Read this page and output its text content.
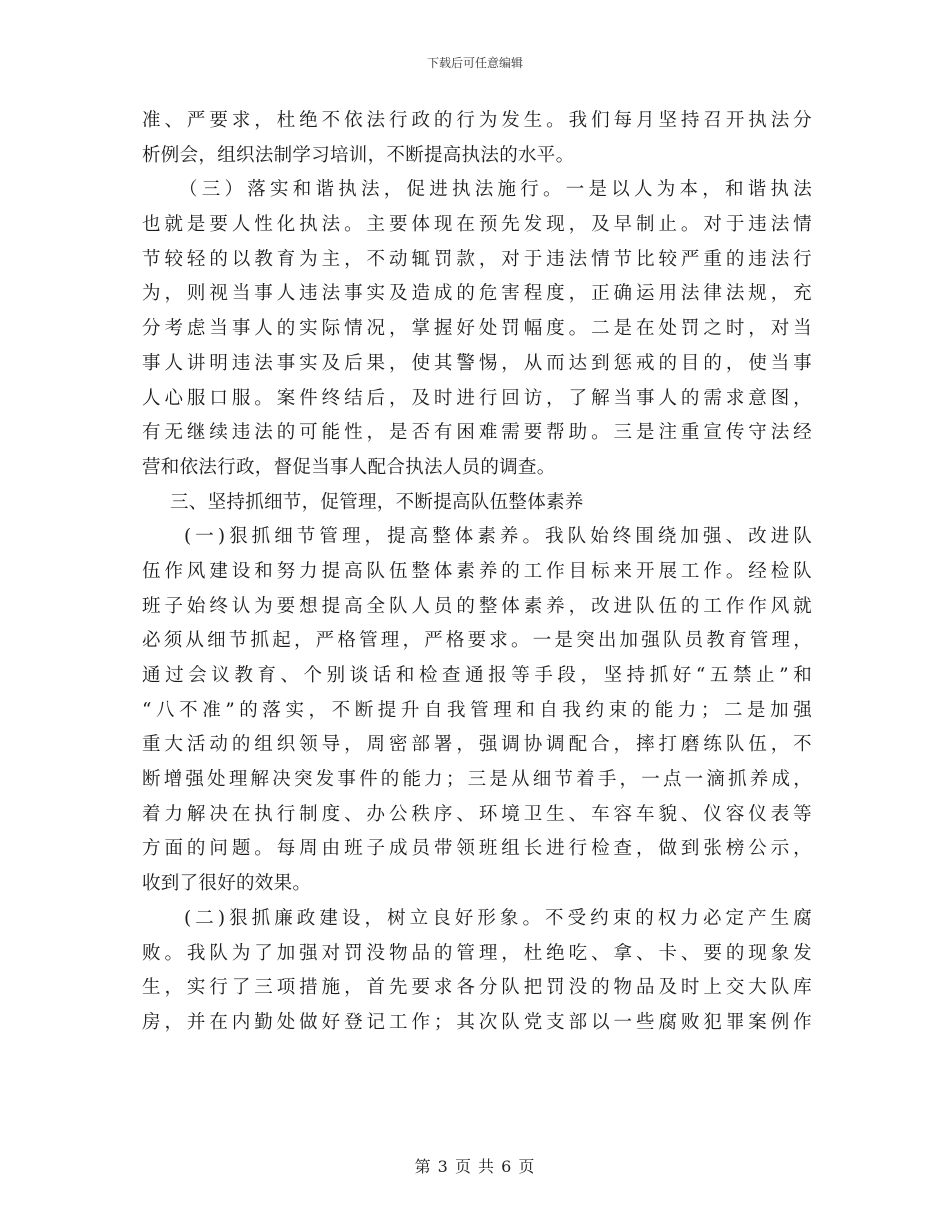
下载后可任意编辑
准、严要求，杜绝不依法行政的行为发生。我们每月坚持召开执法分
析例会，组织法制学习培训，不断提高执法的水平。
（三）落实和谐执法，促进执法施行。一是以人为本，和谐执法
也就是要人性化执法。主要体现在预先发现，及早制止。对于违法情
节较轻的以教育为主，不动辄罚款，对于违法情节比较严重的违法行
为，则视当事人违法事实及造成的危害程度，正确运用法律法规，充
分考虑当事人的实际情况，掌握好处罚幅度。二是在处罚之时，对当
事人讲明违法事实及后果，使其警惕，从而达到惩戒的目的，使当事
人心服口服。案件终结后，及时进行回访，了解当事人的需求意图，
有无继续违法的可能性，是否有困难需要帮助。三是注重宣传守法经
营和依法行政，督促当事人配合执法人员的调查。
三、坚持抓细节，促管理，不断提高队伍整体素养
(一)狠抓细节管理，提高整体素养。我队始终围绕加强、改进队
伍作风建设和努力提高队伍整体素养的工作目标来开展工作。经检队
班子始终认为要想提高全队人员的整体素养，改进队伍的工作作风就
必须从细节抓起，严格管理，严格要求。一是突出加强队员教育管理，
通过会议教育、个别谈话和检查通报等手段，坚持抓好“五禁止”和
“八不准”的落实，不断提升自我管理和自我约束的能力；二是加强
重大活动的组织领导，周密部署，强调协调配合，摔打磨练队伍，不
断增强处理解决突发事件的能力；三是从细节着手，一点一滴抓养成，
着力解决在执行制度、办公秩序、环境卫生、车容车貌、仪容仪表等
方面的问题。每周由班子成员带领班组长进行检查，做到张榜公示，
收到了很好的效果。
(二)狠抓廉政建设，树立良好形象。不受约束的权力必定产生腐
败。我队为了加强对罚没物品的管理，杜绝吃、拿、卡、要的现象发
生，实行了三项措施，首先要求各分队把罚没的物品及时上交大队库
房，并在内勤处做好登记工作；其次队党支部以一些腐败犯罪案例作
第 3 页 共 6 页
